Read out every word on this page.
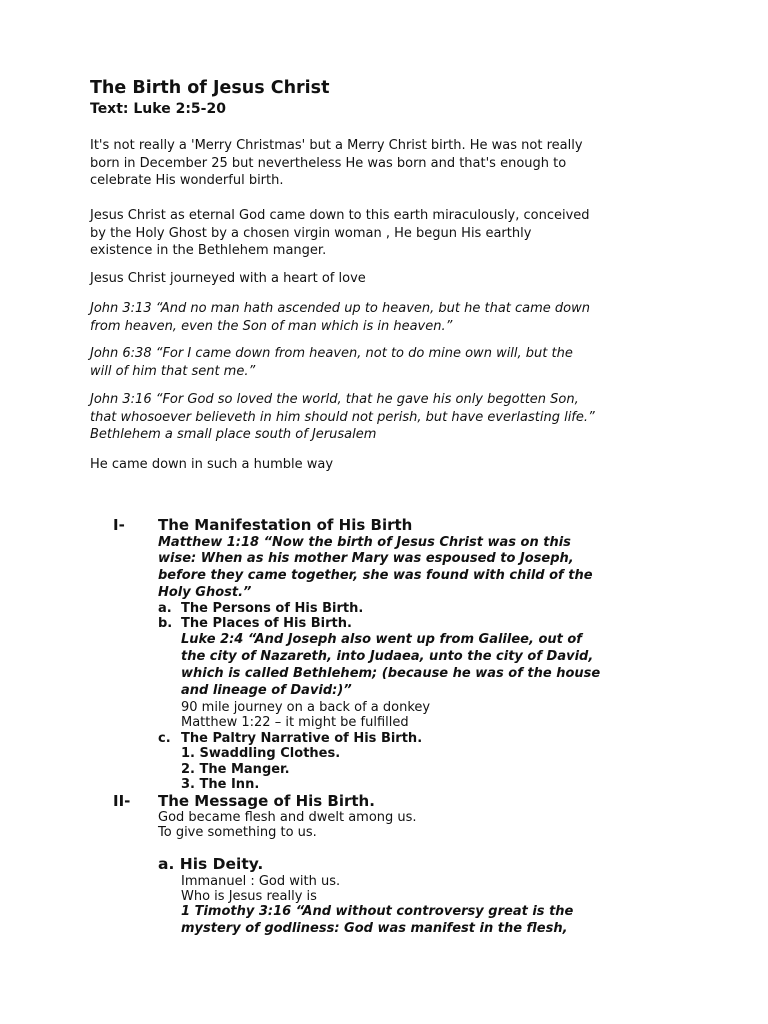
The Birth of Jesus Christ
Text: Luke 2:5-20

It's not really a 'Merry Christmas' but a Merry Christ birth. He was not really
born in December 25 but nevertheless He was born and that's enough to
celebrate His wonderful birth.

Jesus Christ as eternal God came down to this earth miraculously, conceived
by the Holy Ghost by a chosen virgin woman , He begun His earthly
existence in the Bethlehem manger.

Jesus Christ journeyed with a heart of love

John 3:13 “And no man hath ascended up to heaven, but he that came down
from heaven, even the Son of man which is in heaven.”

John 6:38 “For I came down from heaven, not to do mine own will, but the
will of him that sent me.”

John 3:16 “For God so loved the world, that he gave his only begotten Son,
that whosoever believeth in him should not perish, but have everlasting life.”
Bethlehem a small place south of Jerusalem

He came down in such a humble way

I- The Manifestation of His Birth
Matthew 1:18 “Now the birth of Jesus Christ was on this
wise: When as his mother Mary was espoused to Joseph,
before they came together, she was found with child of the
Holy Ghost.”
a. The Persons of His Birth.
b. The Places of His Birth.
Luke 2:4 “And Joseph also went up from Galilee, out of
the city of Nazareth, into Judaea, unto the city of David,
which is called Bethlehem; (because he was of the house
and lineage of David:)”
90 mile journey on a back of a donkey
Matthew 1:22 – it might be fulfilled
c. The Paltry Narrative of His Birth.
1. Swaddling Clothes.
2. The Manger.
3. The Inn.
II- The Message of His Birth.
God became flesh and dwelt among us.
To give something to us.
a. His Deity.
Immanuel : God with us.
Who is Jesus really is
1 Timothy 3:16 “And without controversy great is the
mystery of godliness: God was manifest in the flesh,
